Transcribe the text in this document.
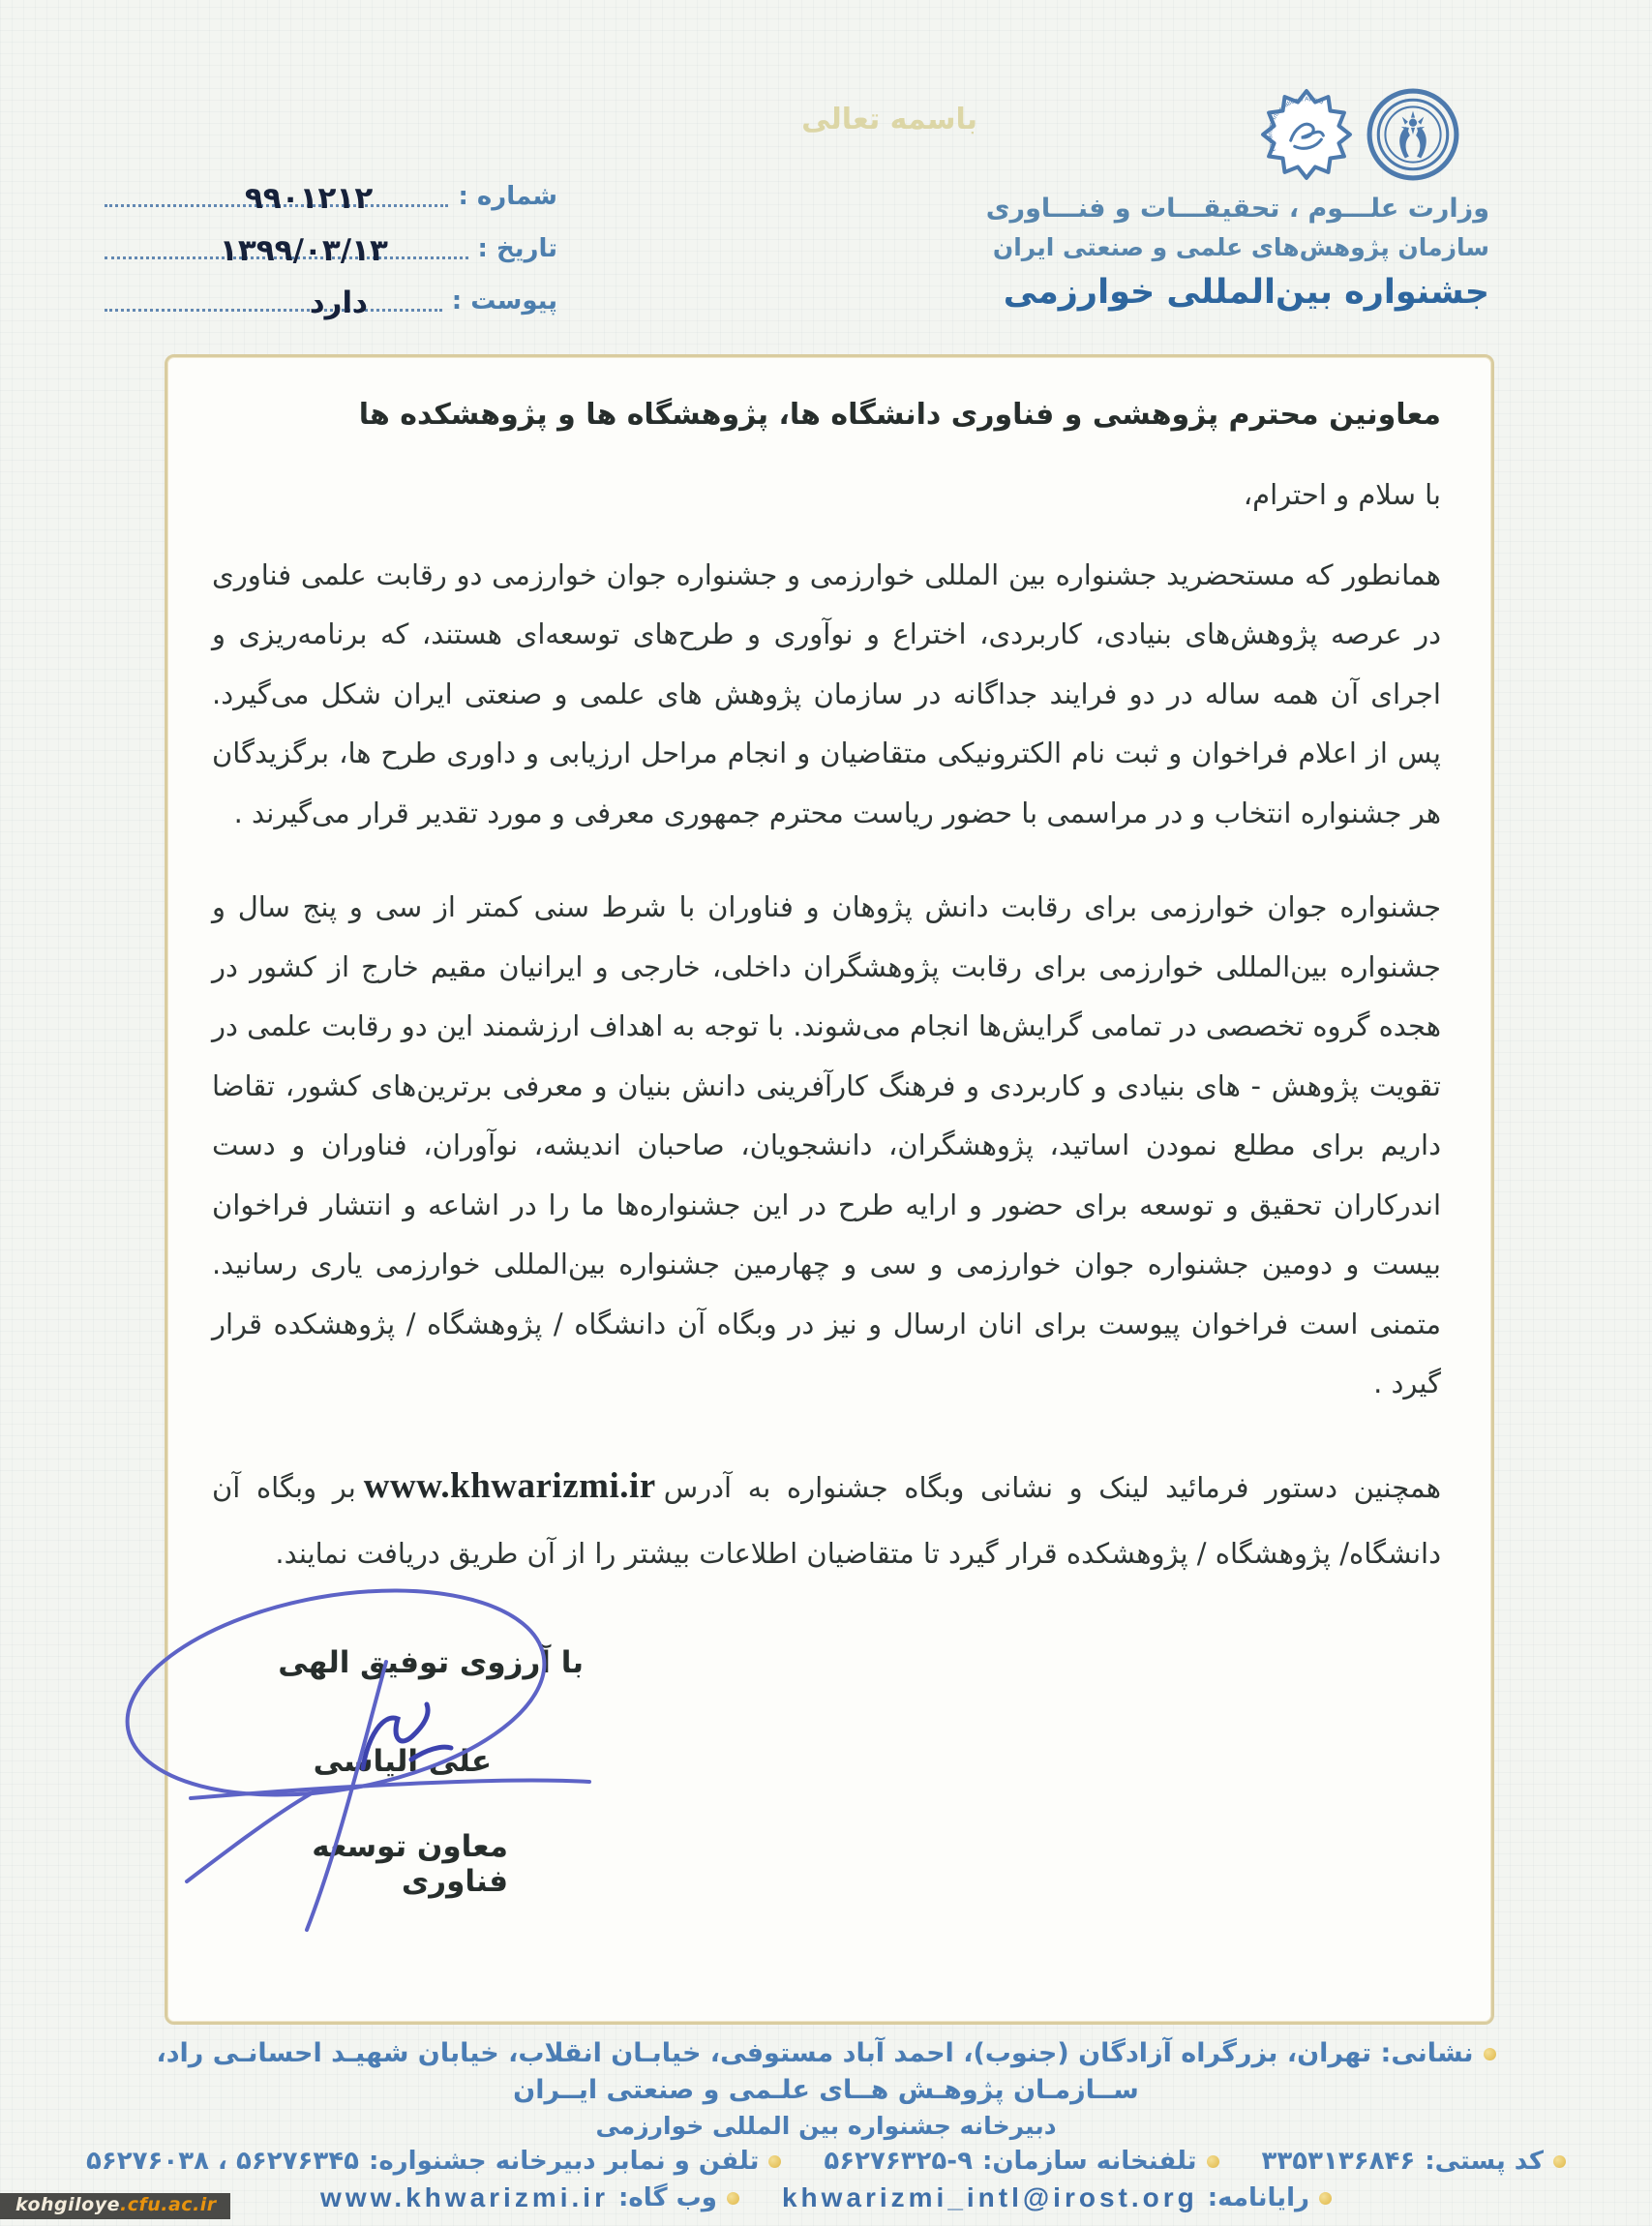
باسمه تعالی
Khwarizmi International Award
وزارت علـــوم ، تحقیقـــات و فنـــاوری
سازمان پژوهش‌های علمی و صنعتی ایران
جشنواره بین‌المللی خوارزمی
شماره :
۹۹۰۱۲۱۲
تاریخ :
۱۳۹۹/۰۳/۱۳
پیوست :
دارد
معاونین محترم پژوهشی و فناوری دانشگاه ها، پژوهشگاه ها و پژوهشکده ها
با سلام و احترام،

همانطور که مستحضرید جشنواره بین المللی خوارزمی و جشنواره جوان خوارزمی دو رقابت علمی فناوری در عرصه پژوهش‌های بنیادی، کاربردی، اختراع و نوآوری و طرح‌های توسعه‌ای هستند، که برنامه‌ریزی و اجرای آن همه ساله در دو فرایند جداگانه در سازمان پژوهش های علمی و صنعتی ایران شکل می‌گیرد. پس از اعلام فراخوان و ثبت نام الکترونیکی متقاضیان و انجام مراحل ارزیابی و داوری طرح ها، برگزیدگان هر جشنواره انتخاب و در مراسمی با حضور ریاست محترم جمهوری معرفی و مورد تقدیر قرار می‌گیرند .

جشنواره جوان خوارزمی برای رقابت دانش پژوهان و فناوران با شرط سنی کمتر از سی و پنج سال و جشنواره بین‌المللی خوارزمی برای رقابت پژوهشگران داخلی، خارجی و ایرانیان مقیم خارج از کشور در هجده گروه تخصصی در تمامی گرایش‌ها انجام می‌شوند. با توجه به اهداف ارزشمند این دو رقابت علمی در تقویت پژوهش - های بنیادی و کاربردی و فرهنگ کارآفرینی دانش بنیان و معرفی برترین‌های کشور، تقاضا داریم برای مطلع نمودن اساتید، پژوهشگران، دانشجویان، صاحبان اندیشه، نوآوران، فناوران و دست اندرکاران تحقیق و توسعه برای حضور و ارایه طرح در این جشنواره‌ها ما را در اشاعه و انتشار فراخوان بیست و دومین جشنواره جوان خوارزمی و سی و چهارمین جشنواره بین‌المللی خوارزمی یاری رسانید. متمنی است فراخوان پیوست برای انان ارسال و نیز در وبگاه آن دانشگاه / پژوهشگاه / پژوهشکده قرار گیرد .

همچنین دستور فرمائید لینک و نشانی وبگاه جشنواره به آدرسwww.khwarizmi.irبر وبگاه آن دانشگاه/ پژوهشگاه / پژوهشکده قرار گیرد تا متقاضیان اطلاعات بیشتر را از آن طریق دریافت نمایند.

با آرزوی توفیق الهی
علی الیاسی
معاون توسعه فناوری
نشانی: تهران، بزرگراه آزادگان (جنوب)، احمد آباد مستوفی، خیابـان انقلاب، خیابان شهیـد احسانـی راد،
ســازمـان پژوهـش هــای علـمی و صنعتی ایــران
دبیرخانه جشنواره بین المللی خوارزمی
کد پستی:
۳۳۵۳۱۳۶۸۴۶
تلفنخانه سازمان:
۵۶۲۷۶۳۲۵-۹
تلفن و نمابر دبیرخانه جشنواره:
۵۶۲۷۶۳۴۵ ، ۵۶۲۷۶۰۳۸
رایانامه:
khwarizmi_intl@irost.org
وب گاه:
www.khwarizmi.ir
kohgiloye.cfu.ac.ir
